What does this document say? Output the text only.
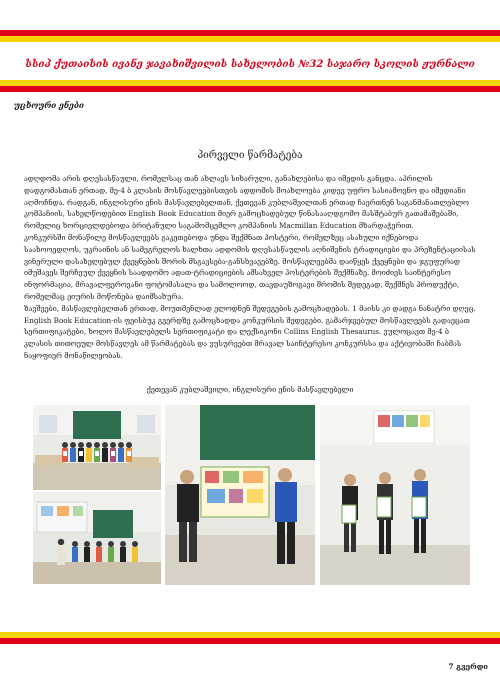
სსიპ ქუთაისის ივანე ჯავახიშვილის სახელობის №32 საჯარო სკოლის ჟურნალი
უცხოური ენები
პირველი წარმატება

ადღდომა არის დღესასწაული, რომელსაც თან ახლავს სიხარული, განახლებისა და იმედის განცდა. აპრილის დადგომასთან ერთად, მე-4 ბ კლასის მოსწავლეებისთვის ადდომის მოახლოება კიდევ უფრო სასიამოვნო და იმედიანი აღმოჩნდა. რადგან, ინგლისური ენის მასწავლებელთან, ქეთევან კუბლაშვილთან ერთად ჩაერთნენ საგანმანათლებლო კომპანიის, სახელწოდებით English Book Education მიერ გამოცხადებულ წინასააღდგომო მასშტაბურ გათამაშებაში, რომელიც ხორციელდებოდა ბრიტანული საგამომცემლო კომპანიის Macmillan Education მხარდაჭერით.

კონკურსში მონაწილე მოსწავლეებს გაკეთებოდა უნდა შექმნათ პოსტერი, რომელზეც ასახული იქნებოდა საახოოედღოს, უკრაინის ან სამეგრელოს ხალხთა ადდომის დღესასწაულის აღნიშვნის ტრადიციები და პრეზენტაციისას ვინერული დასახელებულ ქვეყნების შორის მსგავსება-განსხვავებზე. მოსწავლეებმა დაიწყეს ქვეყნები და ჯგუფურად იმუშავეს შერჩეულ ქვეყნის საადდომო ადათ-ტრადიციების ამსახველ პოსტერების შექმნაზე. მოიძიეს საინტერესო ინფორმაცია, მრავალფეროვანი ფოტომასალა და სამოლოოდ, თავდაუზოგავი შრომის შედეგად, შექმნეს პროდუქტი, რომელმაც ჟიურის მოწონება დაიმსახურა.

ზავშვები, მასწავლებელთან ერთად, მოუთმენლად ელოდნენ შედეგების გამოცხადებას. 1 მაისს კი დადგა ნანატრი დღეც. English Book Education-ის ფეისბუკ გვერდზე გამოცხადდა კონკურსის შედეგები. გამარჯვებულ მოსწავლეებს გადაეცათ სერთიფიკატები, ხოლო მასწავლებელს სერთიფიკატი და ლექსიკონი Collins English Thesaurus. ვულოცავთ მე-4 ბ კლასის თითოეულ მოსწავლეს ამ წარმატებას და ვუსურვებთ მრავალ საინტერესო კონკურსსა და აქტივობაში ჩაბმას ნაყოფიერ მონაწილეობას.

ქეთევან კუბლაშვილი, ინგლისური ენის მასწავლებელი
7 გვერდი
